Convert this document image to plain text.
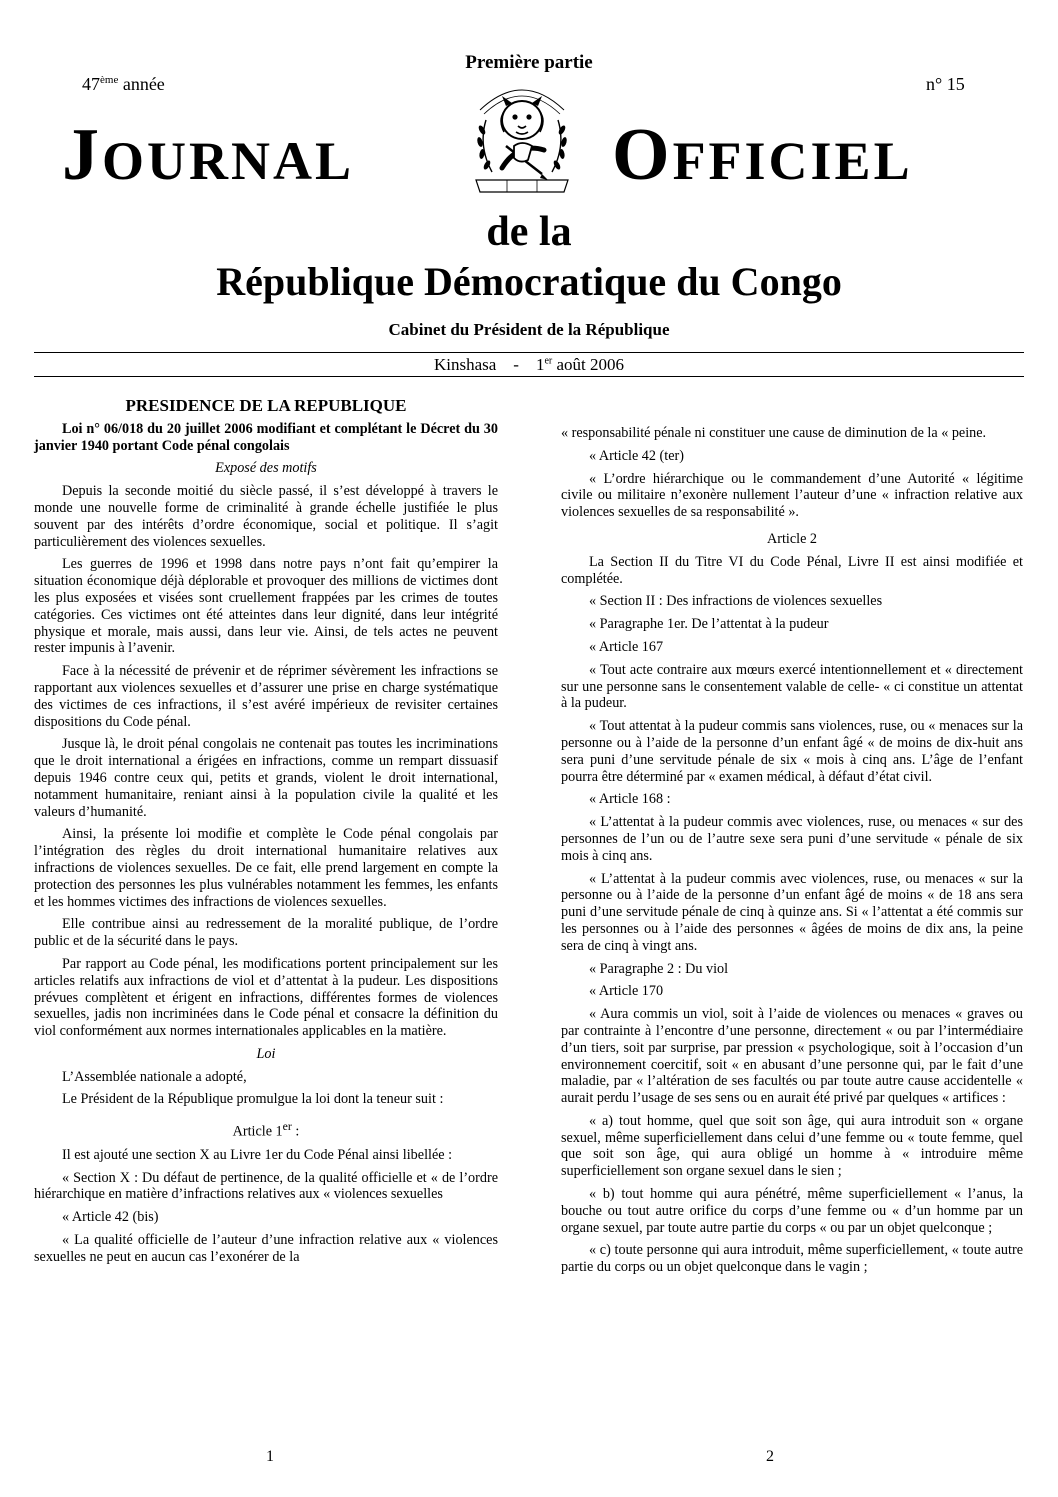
Première partie
47ème année	n° 15
JOURNAL	OFFICIEL
de la
République Démocratique du Congo
Cabinet du Président de la République
Kinshasa - 1er août 2006

PRESIDENCE DE LA REPUBLIQUE

Loi n° 06/018 du 20 juillet 2006 modifiant et complétant le Décret du 30 janvier 1940 portant Code pénal congolais

Exposé des motifs

Depuis la seconde moitié du siècle passé, il s’est développé à travers le monde une nouvelle forme de criminalité à grande échelle justifiée le plus souvent par des intérêts d’ordre économique, social et politique. Il s’agit particulièrement des violences sexuelles.

Les guerres de 1996 et 1998 dans notre pays n’ont fait qu’empirer la situation économique déjà déplorable et provoquer des millions de victimes dont les plus exposées et visées sont cruellement frappées par les crimes de toutes catégories. Ces victimes ont été atteintes dans leur dignité, dans leur intégrité physique et morale, mais aussi, dans leur vie. Ainsi, de tels actes ne peuvent rester impunis à l’avenir.

Face à la nécessité de prévenir et de réprimer sévèrement les infractions se rapportant aux violences sexuelles et d’assurer une prise en charge systématique des victimes de ces infractions, il s’est avéré impérieux de revisiter certaines dispositions du Code pénal.

Jusque là, le droit pénal congolais ne contenait pas toutes les incriminations que le droit international a érigées en infractions, comme un rempart dissuasif depuis 1946 contre ceux qui, petits et grands, violent le droit international, notamment humanitaire, reniant ainsi à la population civile la qualité et les valeurs d’humanité.

Ainsi, la présente loi modifie et complète le Code pénal congolais par l’intégration des règles du droit international humanitaire relatives aux infractions de violences sexuelles. De ce fait, elle prend largement en compte la protection des personnes les plus vulnérables notamment les femmes, les enfants et les hommes victimes des infractions de violences sexuelles.

Elle contribue ainsi au redressement de la moralité publique, de l’ordre public et de la sécurité dans le pays.

Par rapport au Code pénal, les modifications portent principalement sur les articles relatifs aux infractions de viol et d’attentat à la pudeur. Les dispositions prévues complètent et érigent en infractions, différentes formes de violences sexuelles, jadis non incriminées dans le Code pénal et consacre la définition du viol conformément aux normes internationales applicables en la matière.

Loi

L’Assemblée nationale a adopté,

Le Président de la République promulgue la loi dont la teneur suit :

Article 1er :

Il est ajouté une section X au Livre 1er du Code Pénal ainsi libellée :

« Section X : Du défaut de pertinence, de la qualité officielle et « de l’ordre hiérarchique en matière d’infractions relatives aux « violences sexuelles

« Article 42 (bis)

« La qualité officielle de l’auteur d’une infraction relative aux « violences sexuelles ne peut en aucun cas l’exonérer de la

« responsabilité pénale ni constituer une cause de diminution de la « peine.

« Article 42 (ter)

« L’ordre hiérarchique ou le commandement d’une Autorité « légitime civile ou militaire n’exonère nullement l’auteur d’une « infraction relative aux violences sexuelles de sa responsabilité ».

Article 2

La Section II du Titre VI du Code Pénal, Livre II est ainsi modifiée et complétée.

« Section II : Des infractions de violences sexuelles

« Paragraphe 1er. De l’attentat à la pudeur

« Article 167

« Tout acte contraire aux mœurs exercé intentionnellement et « directement sur une personne sans le consentement valable de celle- « ci constitue un attentat à la pudeur.

« Tout attentat à la pudeur commis sans violences, ruse, ou « menaces sur la personne ou à l’aide de la personne d’un enfant âgé « de moins de dix-huit ans sera puni d’une servitude pénale de six « mois à cinq ans. L’âge de l’enfant pourra être déterminé par « examen médical, à défaut d’état civil.

« Article 168 :

« L’attentat à la pudeur commis avec violences, ruse, ou menaces « sur des personnes de l’un ou de l’autre sexe sera puni d’une servitude « pénale de six mois à cinq ans.

« L’attentat à la pudeur commis avec violences, ruse, ou menaces « sur la personne ou à l’aide de la personne d’un enfant âgé de moins « de 18 ans sera puni d’une servitude pénale de cinq à quinze ans. Si « l’attentat a été commis sur les personnes ou à l’aide des personnes « âgées de moins de dix ans, la peine sera de cinq à vingt ans.

« Paragraphe 2 : Du viol

« Article 170

« Aura commis un viol, soit à l’aide de violences ou menaces « graves ou par contrainte à l’encontre d’une personne, directement « ou par l’intermédiaire d’un tiers, soit par surprise, par pression « psychologique, soit à l’occasion d’un environnement coercitif, soit « en abusant d’une personne qui, par le fait d’une maladie, par « l’altération de ses facultés ou par toute autre cause accidentelle « aurait perdu l’usage de ses sens ou en aurait été privé par quelques « artifices :

« a) tout homme, quel que soit son âge, qui aura introduit son « organe sexuel, même superficiellement dans celui d’une femme ou « toute femme, quel que soit son âge, qui aura obligé un homme à « introduire même superficiellement son organe sexuel dans le sien ;

« b) tout homme qui aura pénétré, même superficiellement « l’anus, la bouche ou tout autre orifice du corps d’une femme ou « d’un homme par un organe sexuel, par toute autre partie du corps « ou par un objet quelconque ;

« c) toute personne qui aura introduit, même superficiellement, « toute autre partie du corps ou un objet quelconque dans le vagin ;

1	2
